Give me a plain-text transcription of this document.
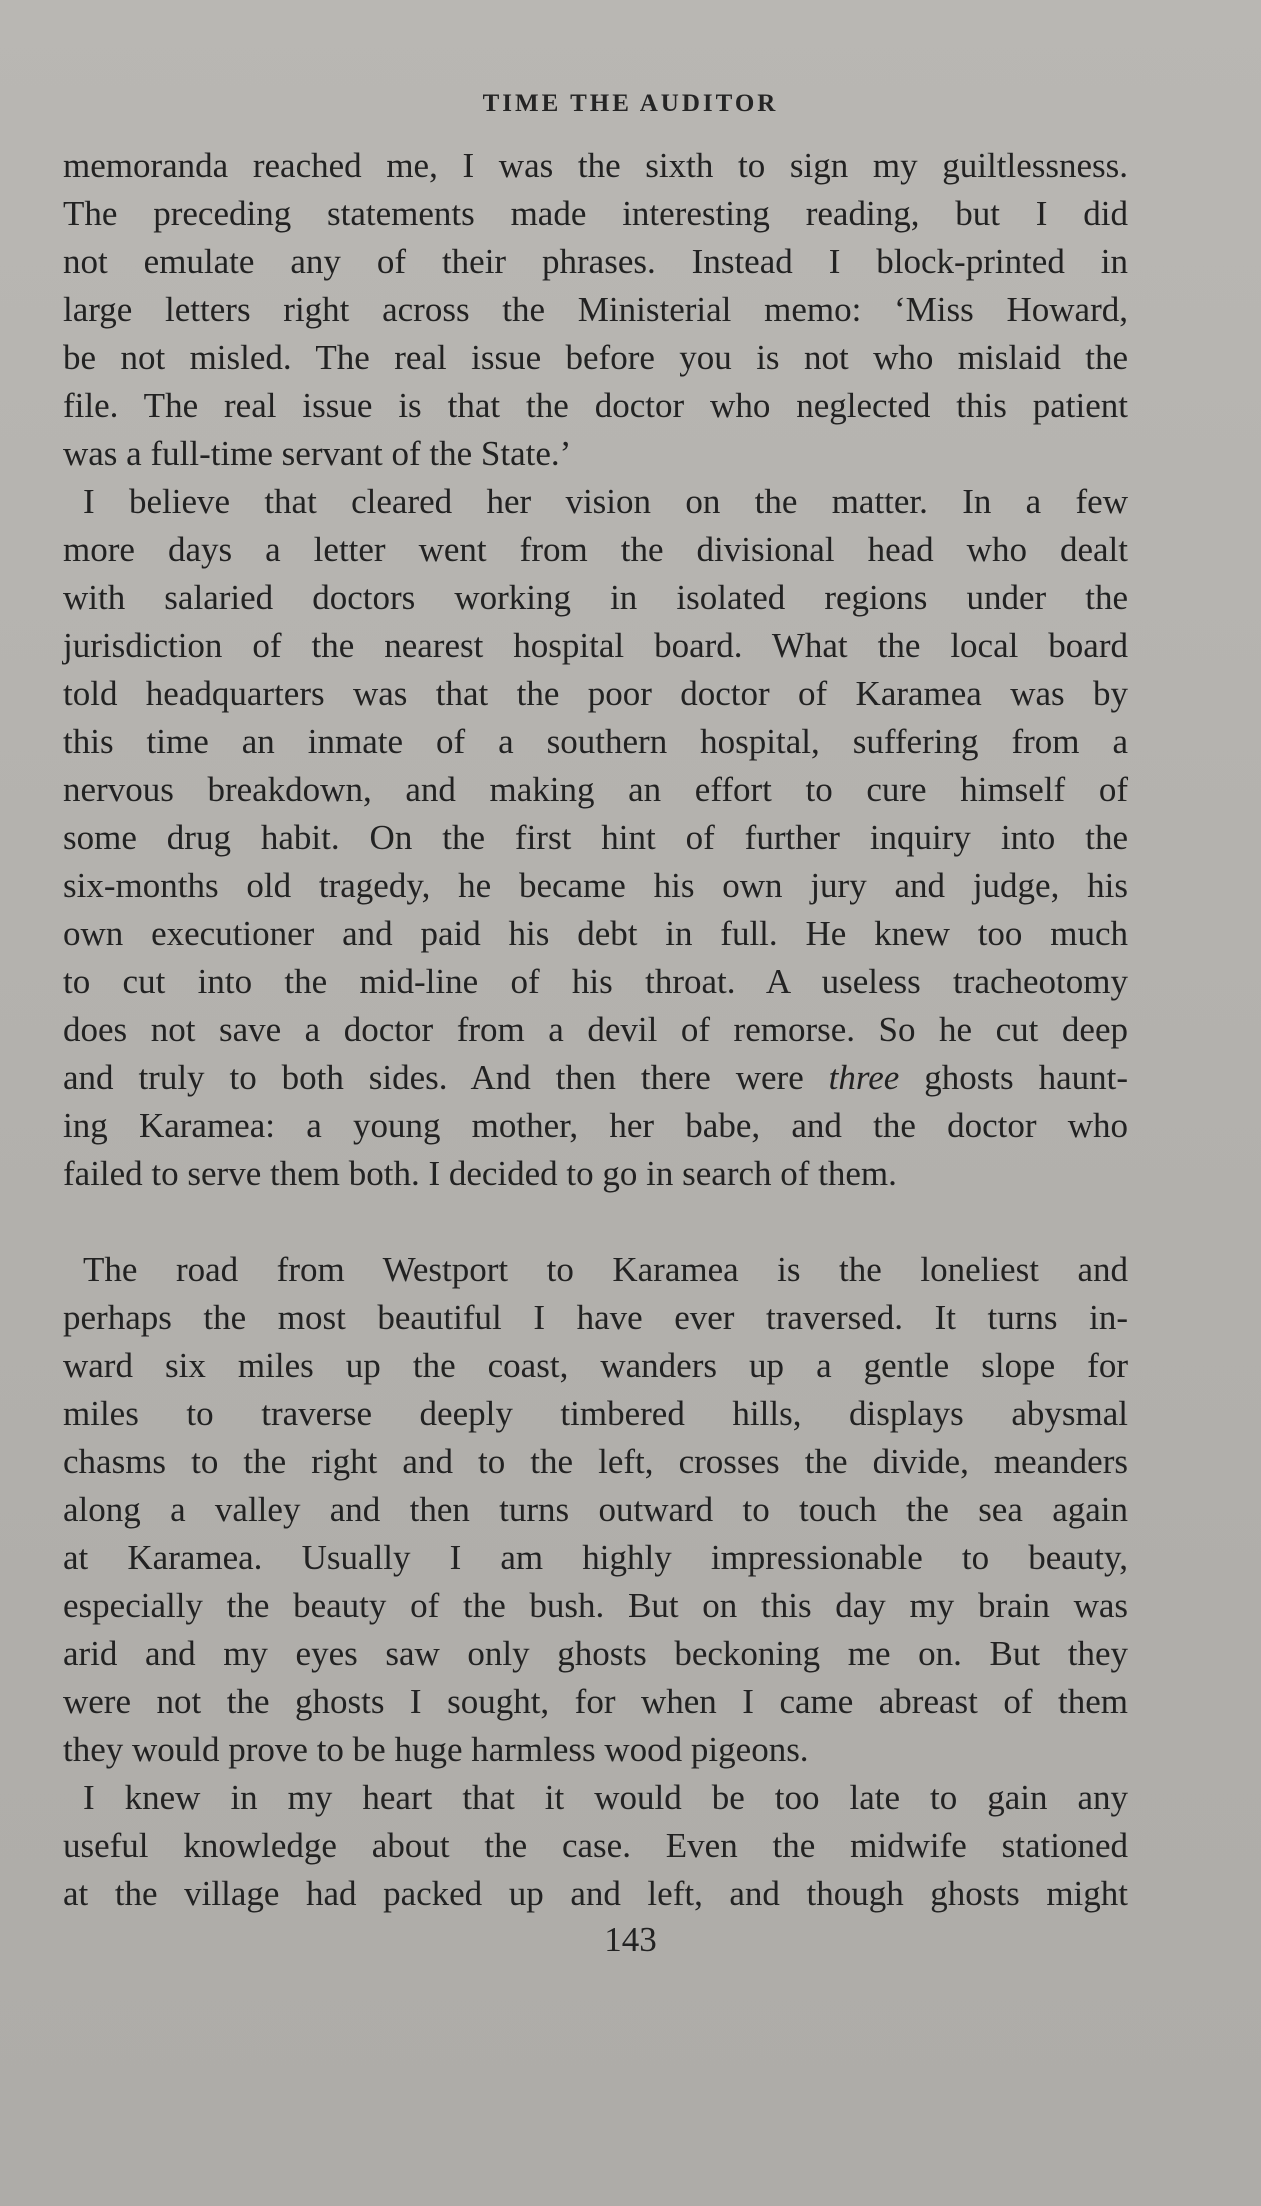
TIME THE AUDITOR
memoranda reached me, I was the sixth to sign my guiltlessness.
The preceding statements made interesting reading, but I did
not emulate any of their phrases. Instead I block-printed in
large letters right across the Ministerial memo: ‘Miss Howard,
be not misled. The real issue before you is not who mislaid the
file. The real issue is that the doctor who neglected this patient
was a full-time servant of the State.’
I believe that cleared her vision on the matter. In a few
more days a letter went from the divisional head who dealt
with salaried doctors working in isolated regions under the
jurisdiction of the nearest hospital board. What the local board
told headquarters was that the poor doctor of Karamea was by
this time an inmate of a southern hospital, suffering from a
nervous breakdown, and making an effort to cure himself of
some drug habit. On the first hint of further inquiry into the
six-months old tragedy, he became his own jury and judge, his
own executioner and paid his debt in full. He knew too much
to cut into the mid-line of his throat. A useless tracheotomy
does not save a doctor from a devil of remorse. So he cut deep
and truly to both sides. And then there were three ghosts haunt-
ing Karamea: a young mother, her babe, and the doctor who
failed to serve them both. I decided to go in search of them.
The road from Westport to Karamea is the loneliest and
perhaps the most beautiful I have ever traversed. It turns in-
ward six miles up the coast, wanders up a gentle slope for
miles to traverse deeply timbered hills, displays abysmal
chasms to the right and to the left, crosses the divide, meanders
along a valley and then turns outward to touch the sea again
at Karamea. Usually I am highly impressionable to beauty,
especially the beauty of the bush. But on this day my brain was
arid and my eyes saw only ghosts beckoning me on. But they
were not the ghosts I sought, for when I came abreast of them
they would prove to be huge harmless wood pigeons.
I knew in my heart that it would be too late to gain any
useful knowledge about the case. Even the midwife stationed
at the village had packed up and left, and though ghosts might
143
